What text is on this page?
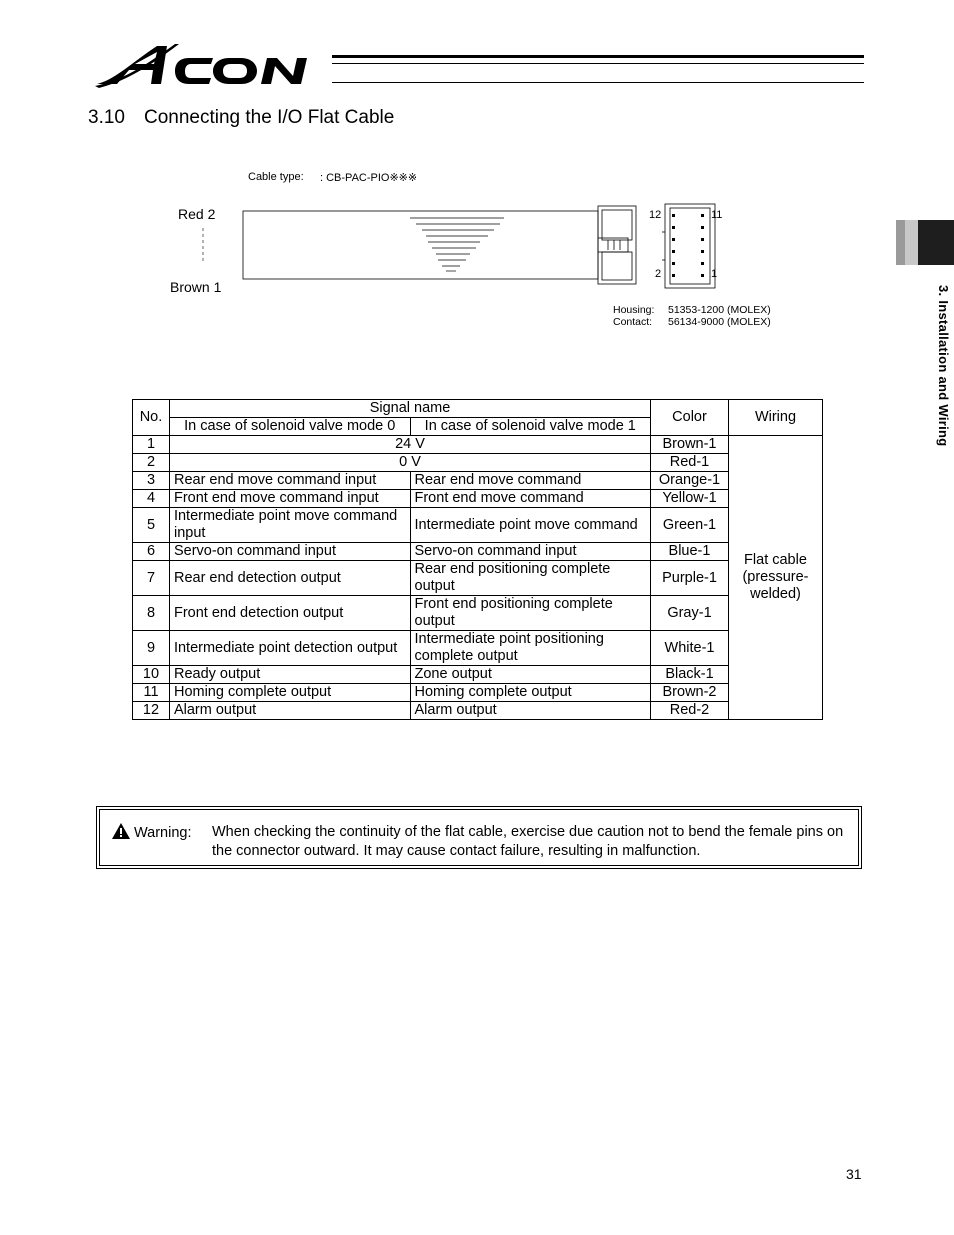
ACON
3.10 Connecting the I/O Flat Cable
3. Installation and Wiring
Cable type: : CB-PAC-PIO※※※
Red 2
Brown 1
12	11
2	1
Housing: 51353-1200 (MOLEX)
Contact: 56134-9000 (MOLEX)
No.	Signal name		Color	Wiring
	In case of solenoid valve mode 0	In case of solenoid valve mode 1		
1	24 V		Brown-1	Flat cable (pressure-welded)

2	0 V		Red-1	
3	Rear end move command input	Rear end move command	Orange-1	
4	Front end move command input	Front end move command	Yellow-1	
5	Intermediate point move command input	Intermediate point move command	Green-1	
6	Servo-on command input	Servo-on command input	Blue-1	
7	Rear end detection output	Rear end positioning complete output	Purple-1	
8	Front end detection output	Front end positioning complete output	Gray-1	
9	Intermediate point detection output	Intermediate point positioning complete output	White-1	
10	Ready output	Zone output	Black-1	
11	Homing complete output	Homing complete output	Brown-2	
12	Alarm output	Alarm output	Red-2	
Warning: When checking the continuity of the flat cable, exercise due caution not to bend the female pins on the connector outward. It may cause contact failure, resulting in malfunction.
31
